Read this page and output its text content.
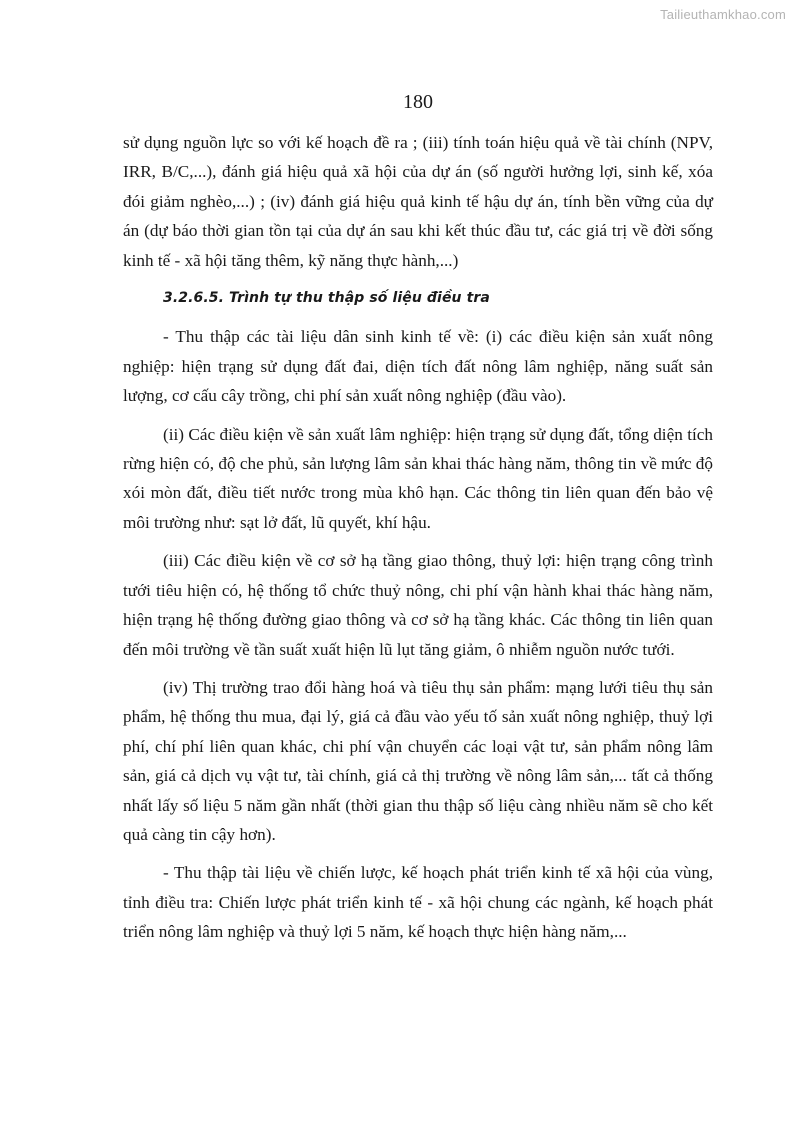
Tailieuthamkhao.com
180

sử dụng nguồn lực so với kế hoạch đề ra ; (iii) tính toán hiệu quả về tài chính (NPV, IRR, B/C,...), đánh giá hiệu quả xã hội của dự án (số người hưởng lợi, sinh kế, xóa đói giảm nghèo,...) ; (iv) đánh giá hiệu quả kinh tế hậu dự án, tính bền vững của dự án (dự báo thời gian tồn tại của dự án sau khi kết thúc đầu tư, các giá trị về đời sống kinh tế - xã hội tăng thêm, kỹ năng thực hành,...)

3.2.6.5. Trình tự thu thập số liệu điều tra

- Thu thập các tài liệu dân sinh kinh tế về: (i) các điều kiện sản xuất nông nghiệp: hiện trạng sử dụng đất đai, diện tích đất nông lâm nghiệp, năng suất sản lượng, cơ cấu cây trồng, chi phí sản xuất nông nghiệp (đầu vào).

(ii) Các điều kiện về sản xuất lâm nghiệp: hiện trạng sử dụng đất, tổng diện tích rừng hiện có, độ che phủ, sản lượng lâm sản khai thác hàng năm, thông tin về mức độ xói mòn đất, điều tiết nước trong mùa khô hạn. Các thông tin liên quan đến bảo vệ môi trường như: sạt lở đất, lũ quyết, khí hậu.

(iii) Các điều kiện về cơ sở hạ tầng giao thông, thuỷ lợi: hiện trạng công trình tưới tiêu hiện có, hệ thống tổ chức thuỷ nông, chi phí vận hành khai thác hàng năm, hiện trạng hệ thống đường giao thông và cơ sở hạ tầng khác. Các thông tin liên quan đến môi trường về tần suất xuất hiện lũ lụt tăng giảm, ô nhiễm nguồn nước tưới.

(iv) Thị trường trao đổi hàng hoá và tiêu thụ sản phẩm: mạng lưới tiêu thụ sản phẩm, hệ thống thu mua, đại lý, giá cả đầu vào yếu tố sản xuất nông nghiệp, thuỷ lợi phí, chí phí liên quan khác, chi phí vận chuyển các loại vật tư, sản phẩm nông lâm sản, giá cả dịch vụ vật tư, tài chính, giá cả thị trường về nông lâm sản,... tất cả thống nhất lấy số liệu 5 năm gần nhất (thời gian thu thập số liệu càng nhiều năm sẽ cho kết quả càng tin cậy hơn).

- Thu thập tài liệu về chiến lược, kế hoạch phát triển kinh tế xã hội của vùng, tỉnh điều tra: Chiến lược phát triển kinh tế - xã hội chung các ngành, kế hoạch phát triển nông lâm nghiệp và thuỷ lợi 5 năm, kế hoạch thực hiện hàng năm,...
